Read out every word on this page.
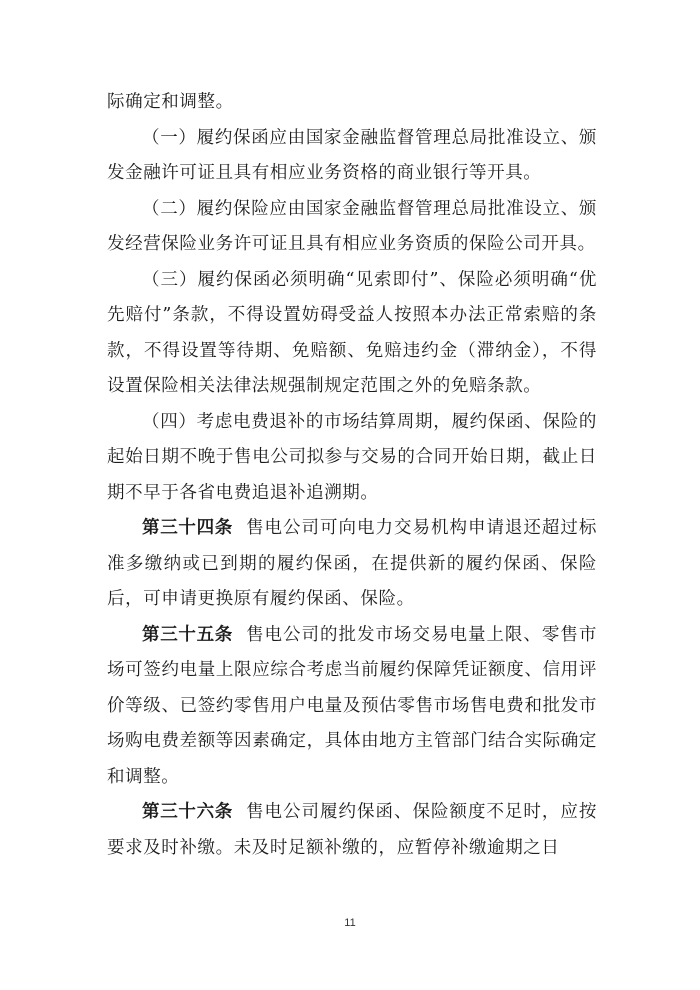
际确定和调整。

（一）履约保函应由国家金融监督管理总局批准设立、颁发金融许可证且具有相应业务资格的商业银行等开具。

（二）履约保险应由国家金融监督管理总局批准设立、颁发经营保险业务许可证且具有相应业务资质的保险公司开具。

（三）履约保函必须明确“见索即付”、保险必须明确“优先赔付”条款，不得设置妨碍受益人按照本办法正常索赔的条款，不得设置等待期、免赔额、免赔违约金（滞纳金），不得设置保险相关法律法规强制规定范围之外的免赔条款。

（四）考虑电费退补的市场结算周期，履约保函、保险的起始日期不晚于售电公司拟参与交易的合同开始日期，截止日期不早于各省电费追退补追溯期。

第三十四条 售电公司可向电力交易机构申请退还超过标准多缴纳或已到期的履约保函，在提供新的履约保函、保险后，可申请更换原有履约保函、保险。

第三十五条 售电公司的批发市场交易电量上限、零售市场可签约电量上限应综合考虑当前履约保障凭证额度、信用评价等级、已签约零售用户电量及预估零售市场售电费和批发市场购电费差额等因素确定，具体由地方主管部门结合实际确定和调整。

第三十六条 售电公司履约保函、保险额度不足时，应按要求及时补缴。未及时足额补缴的，应暂停补缴逾期之日

11
